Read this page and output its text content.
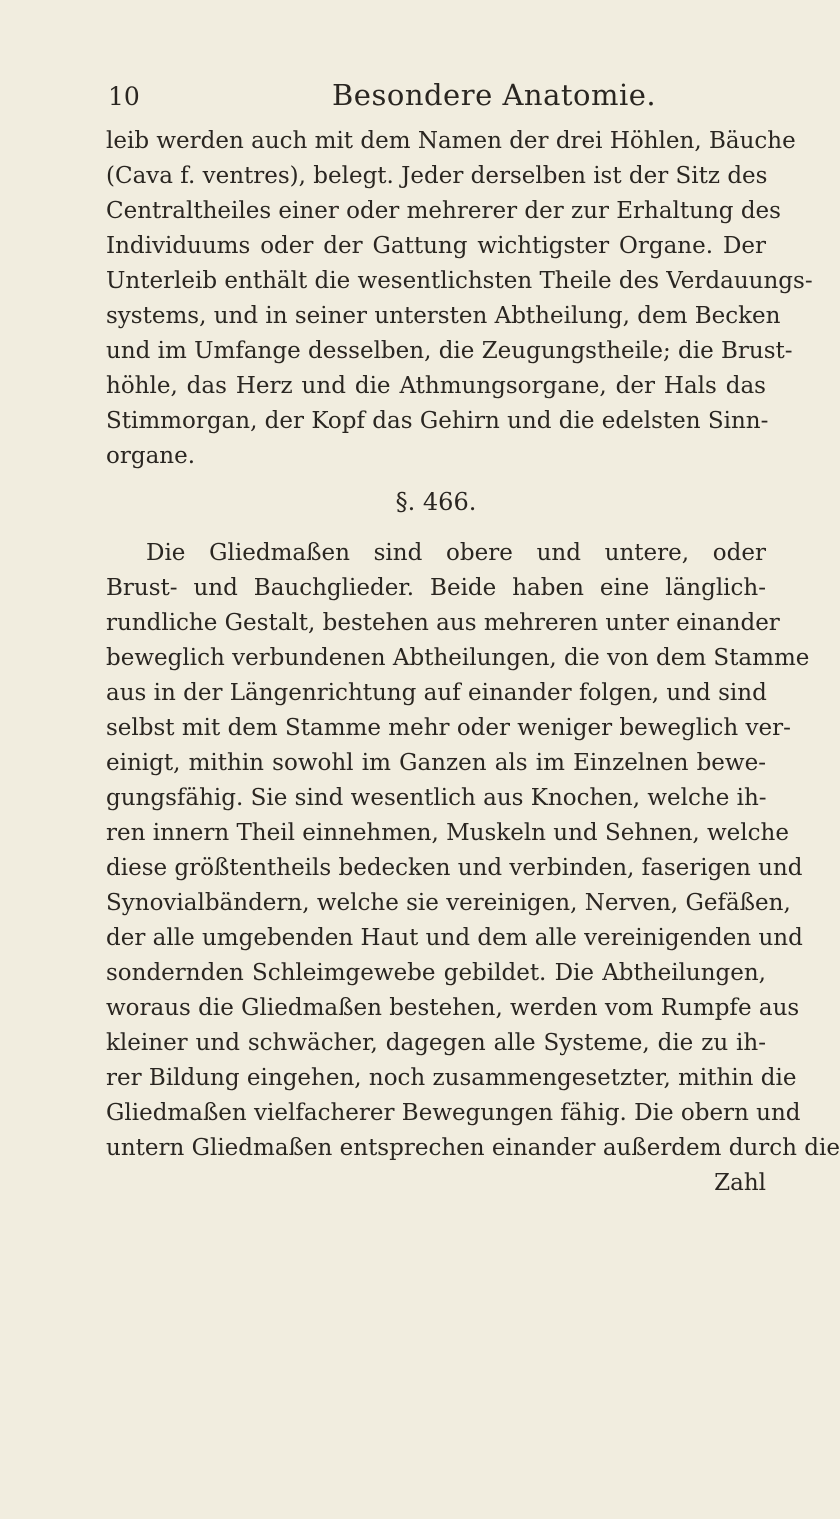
10	Besondere Anatomie.
leib werden auch mit dem Namen der drei Höhlen, Bäuche
(Cava f. ventres), belegt. Jeder derselben ist der Sitz des
Centraltheiles einer oder mehrerer der zur Erhaltung des
Individuums oder der Gattung wichtigster Organe. Der
Unterleib enthält die wesentlichsten Theile des Verdauungs-
systems, und in seiner untersten Abtheilung, dem Becken
und im Umfange desselben, die Zeugungstheile; die Brust-
höhle, das Herz und die Athmungsorgane, der Hals das
Stimmorgan, der Kopf das Gehirn und die edelsten Sinn-
organe.
§. 466.
Die Gliedmaßen sind obere und untere, oder
Brust- und Bauchglieder. Beide haben eine länglich-
rundliche Gestalt, bestehen aus mehreren unter einander
beweglich verbundenen Abtheilungen, die von dem Stamme
aus in der Längenrichtung auf einander folgen, und sind
selbst mit dem Stamme mehr oder weniger beweglich ver-
einigt, mithin sowohl im Ganzen als im Einzelnen bewe-
gungsfähig. Sie sind wesentlich aus Knochen, welche ih-
ren innern Theil einnehmen, Muskeln und Sehnen, welche
diese größtentheils bedecken und verbinden, faserigen und
Synovialbändern, welche sie vereinigen, Nerven, Gefäßen,
der alle umgebenden Haut und dem alle vereinigenden und
sondernden Schleimgewebe gebildet. Die Abtheilungen,
woraus die Gliedmaßen bestehen, werden vom Rumpfe aus
kleiner und schwächer, dagegen alle Systeme, die zu ih-
rer Bildung eingehen, noch zusammengesetzter, mithin die
Gliedmaßen vielfacherer Bewegungen fähig. Die obern und
untern Gliedmaßen entsprechen einander außerdem durch die
Zahl
